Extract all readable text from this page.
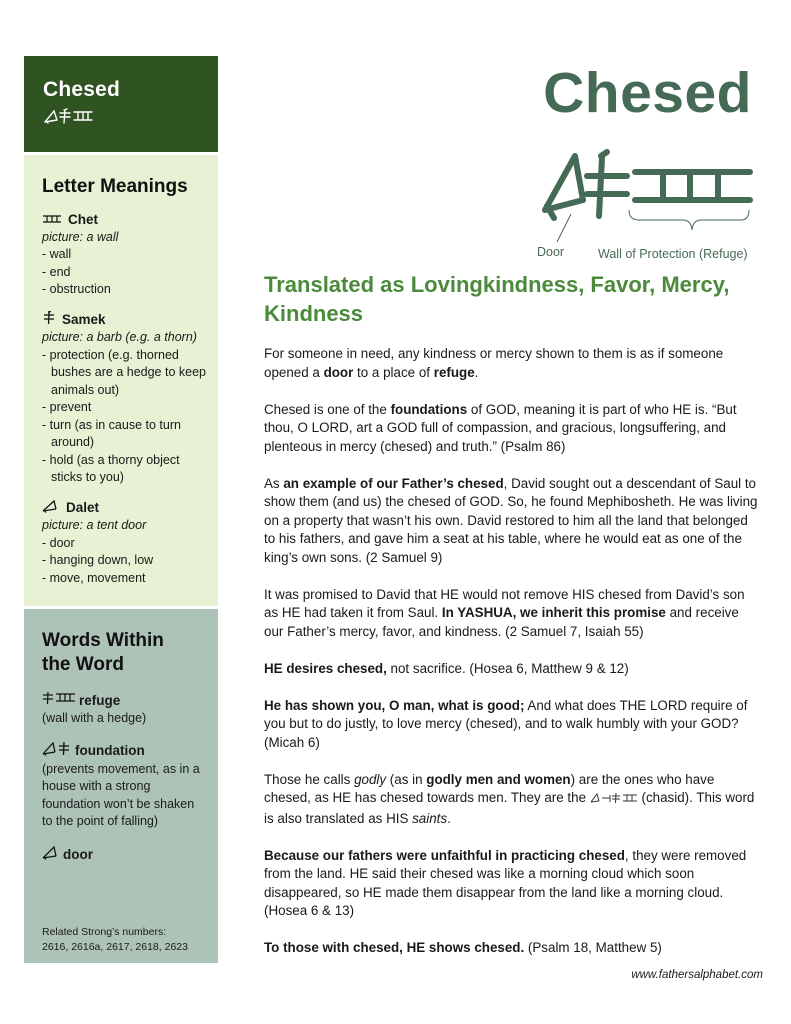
Chesed
Letter Meanings
Chet
picture: a wall
- wall
- end
- obstruction
Samek
picture: a barb (e.g. a thorn)
- protection (e.g. thorned bushes are a hedge to keep animals out)
- prevent
- turn (as in cause to turn around)
- hold (as a thorny object sticks to you)
Dalet
picture: a tent door
- door
- hanging down, low
- move, movement
Words Within
the Word
refuge
(wall with a hedge)
foundation
(prevents movement, as in a house with a strong foundation won’t be shaken to the point of falling)
door
Related Strong’s numbers:
2616, 2616a, 2617, 2618, 2623
Chesed
Door	Wall of Protection (Refuge)
Translated as Lovingkindness, Favor, Mercy, Kindness

For someone in need, any kindness or mercy shown to them is as if someone opened a door to a place of refuge.

Chesed is one of the foundations of GOD, meaning it is part of who HE is. “But thou, O LORD, art a GOD full of compassion, and gracious, longsuffering, and plenteous in mercy (chesed) and truth.” (Psalm 86)

As an example of our Father’s chesed, David sought out a descendant of Saul to show them (and us) the chesed of GOD. So, he found Mephibosheth. He was living on a property that wasn’t his own. David restored to him all the land that belonged to his fathers, and gave him a seat at his table, where he would eat as one of the king’s own sons. (2 Samuel 9)

It was promised to David that HE would not remove HIS chesed from David’s son as HE had taken it from Saul. In YASHUA, we inherit this promise and receive our Father’s mercy, favor, and kindness. (2 Samuel 7, Isaiah 55)

HE desires chesed, not sacrifice. (Hosea 6, Matthew 9 & 12)

He has shown you, O man, what is good; And what does THE LORD require of you but to do justly, to love mercy (chesed), and to walk humbly with your GOD? (Micah 6)

Those he calls godly (as in godly men and women) are the ones who have chesed, as HE has chesed towards men. They are the	(chasid). This word is also translated as HIS saints.

Because our fathers were unfaithful in practicing chesed, they were removed from the land. HE said their chesed was like a morning cloud which soon disappeared, so HE made them disappear from the land like a morning cloud. (Hosea 6 & 13)

To those with chesed, HE shows chesed. (Psalm 18, Matthew 5)

www.fathersalphabet.com
